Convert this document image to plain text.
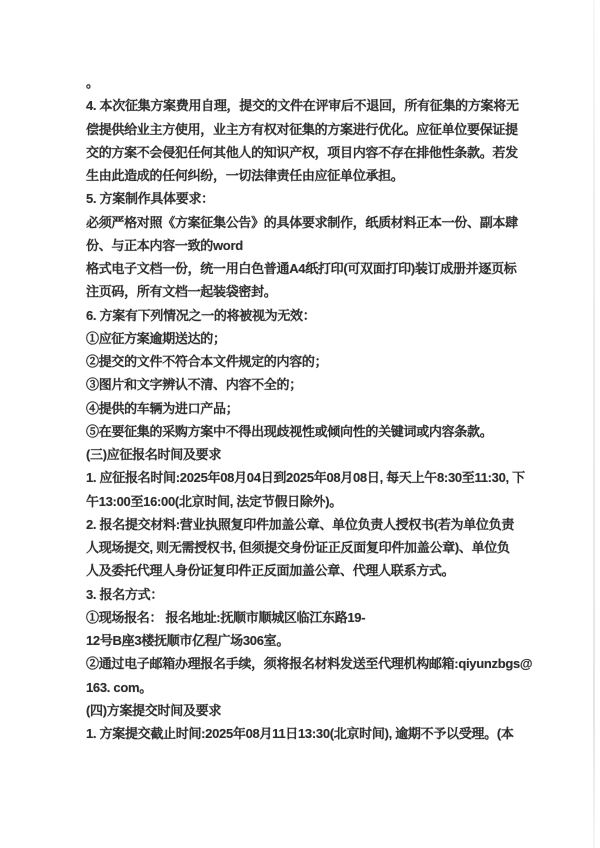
。
4. 本次征集方案费用自理，提交的文件在评审后不退回，所有征集的方案将无
偿提供给业主方使用，业主方有权对征集的方案进行优化。应征单位要保证提
交的方案不会侵犯任何其他人的知识产权，项目内容不存在排他性条款。若发
生由此造成的任何纠纷，一切法律责任由应征单位承担。
5. 方案制作具体要求：
必须严格对照《方案征集公告》的具体要求制作，纸质材料正本一份、副本肆
份、与正本内容一致的word
格式电子文档一份，统一用白色普通A4纸打印(可双面打印)装订成册并逐页标
注页码，所有文档一起装袋密封。
6. 方案有下列情况之一的将被视为无效：
①应征方案逾期送达的；
②提交的文件不符合本文件规定的内容的；
③图片和文字辨认不清、内容不全的；
④提供的车辆为进口产品；
⑤在要征集的采购方案中不得出现歧视性或倾向性的关键词或内容条款。
(三)应征报名时间及要求
1. 应征报名时间:2025年08月04日到2025年08月08日, 每天上午8:30至11:30, 下
午13:00至16:00(北京时间, 法定节假日除外)。
2. 报名提交材料:营业执照复印件加盖公章、单位负责人授权书(若为单位负责
人现场提交, 则无需授权书, 但须提交身份证正反面复印件加盖公章)、单位负
人及委托代理人身份证复印件正反面加盖公章、代理人联系方式。
3. 报名方式：
①现场报名： 报名地址:抚顺市顺城区临江东路19-
12号B座3楼抚顺市亿程广场306室。
②通过电子邮箱办理报名手续，须将报名材料发送至代理机构邮箱:qiyunzbgs@
163. com。
(四)方案提交时间及要求
1. 方案提交截止时间:2025年08月11日13:30(北京时间), 逾期不予以受理。(本
